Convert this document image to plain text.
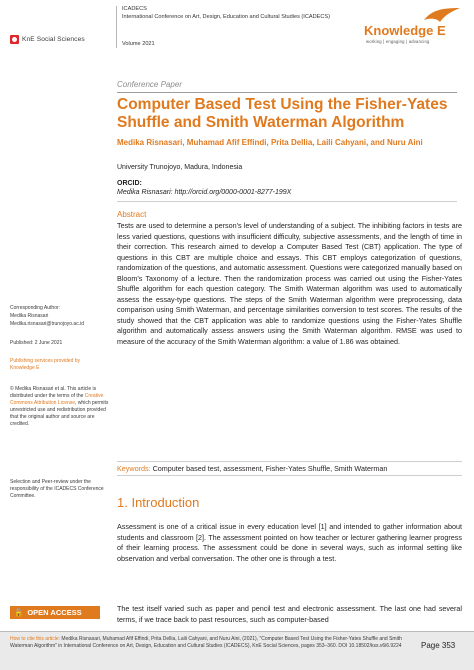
KnE Social Sciences
ICADECS
International Conference on Art, Design, Education and Cultural Studies (ICADECS)
Volume 2021
Knowledge E
working | engaging | advancing
Conference Paper
Computer Based Test Using the Fisher-Yates Shuffle and Smith Waterman Algorithm
Medika Risnasari, Muhamad Afif Effindi, Prita Dellia, Laili Cahyani, and Nuru Aini
University Trunojoyo, Madura, Indonesia
ORCID:
Medika Risnasari: http://orcid.org/0000-0001-8277-199X
Abstract
Tests are used to determine a person's level of understanding of a subject. The inhibiting factors in tests are less varied questions, questions with insufficient difficulty, subjective assessments, and the length of time in their correction. This research aimed to develop a Computer Based Test (CBT) application. The type of questions in this CBT are multiple choice and essays. This CBT employs categorization of questions, randomization of the questions, and automatic assessment. Questions were categorized manually based on Bloom's Taxonomy of a lecture. Then the randomization process was carried out using the Fisher-Yates Shuffle algorithm for each question category. The Smith Waterman algorithm was used to automatically assess the essay-type questions. The steps of the Smith Waterman algorithm were preprocessing, data comparison using Smith Waterman, and percentage similarities conversion to test scores. The results of the study showed that the CBT application was able to randomize questions using the Fisher-Yates Shuffle algorithm and automatically assess answers using the Smith Waterman algorithm. RMSE was used to measure of the accuracy of the Smith Waterman algorithm: a value of 1.86 was obtained.
Keywords: Computer based test, assessment, Fisher-Yates Shuffle, Smith Waterman
Corresponding Author:
Medika Risnasari
Medika.risnasari@trunojoyo.ac.id
Published: 2 June 2021
Publishing services provided by
Knowledge E
© Medika Risnasari et al. This article is distributed under the terms of the Creative Commons Attribution License, which permits unrestricted use and redistribution provided that the original author and source are credited.
Selection and Peer-review under the responsibility of the ICADECS Conference Committee.
🔓 OPEN ACCESS
1. Introduction
Assessment is one of a critical issue in every education level [1] and intended to gather information about students and classroom [2]. The assessment pointed on how teacher or lecturer gathering learner progress of their learning process. The assessment could be done in several ways, such as informal setting like observation and verbal conversation. The other one is through a test.
The test itself varied such as paper and pencil test and electronic assessment. The last one had several terms, if we trace back to past resources, such as computer-based
How to cite this article: Medika Risnasari, Muhamad Afif Effindi, Prita Dellia, Laili Cahyani, and Nuru Aini, (2021), "Computer Based Test Using the Fisher-Yates Shuffle and Smith Waterman Algorithm" in International Conference on Art, Design, Education and Cultural Studies (ICADECS), KnE Social Sciences, pages 353–360. DOI 10.18502/kss.v6i6.9224	Page 353
